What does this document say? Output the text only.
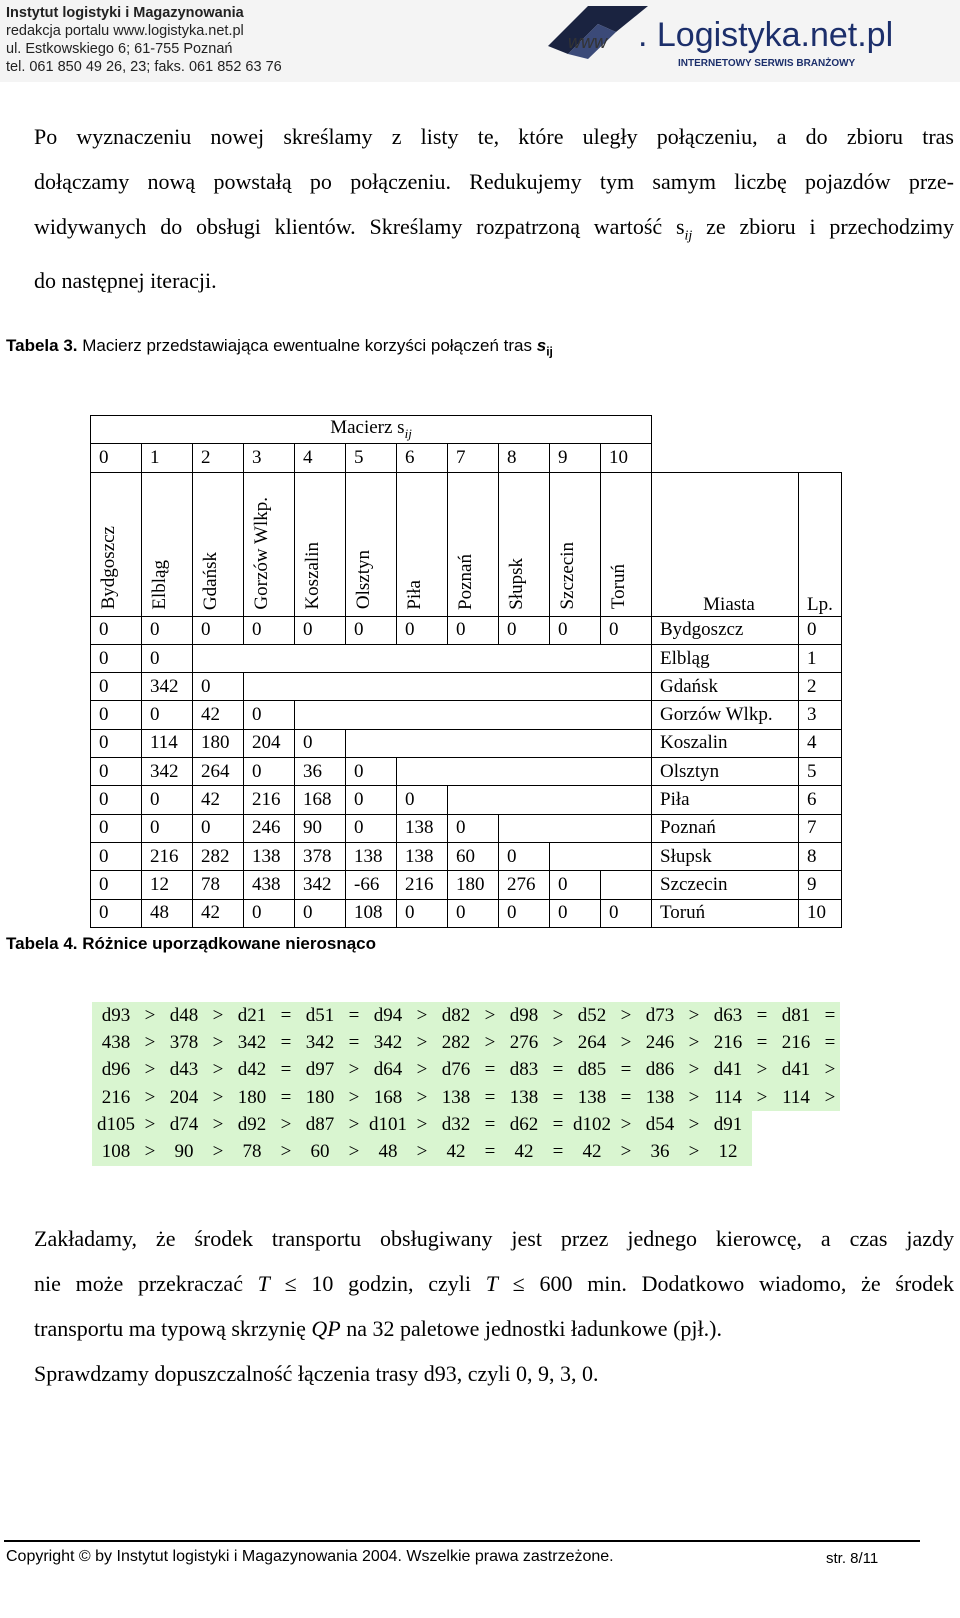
Instytut logistyki i Magazynowania
redakcja portalu www.logistyka.net.pl
ul. Estkowskiego 6; 61-755 Poznań
tel. 061 850 49 26, 23; faks. 061 852 63 76
www . Logistyka.net.pl
INTERNETOWY SERWIS BRANŻOWY
Po wyznaczeniu nowej skreślamy z listy te, które uległy połączeniu, a do zbioru tras
dołączamy nową powstałą po połączeniu. Redukujemy tym samym liczbę pojazdów prze-
widywanych do obsługi klientów. Skreślamy rozpatrzoną wartość $s_{ij}$ ze zbioru i przechodzimy
do następnej iteracji.
Tabela 3. Macierz przedstawiająca ewentualne korzyści połączeń tras $s_{ij}$
Macierz $s_{ij}$	
0	1	2	3	4	5	6	7	8	9	10		
Bydgoszcz	Elbląg	Gdańsk	Gorzów Wlkp.	Koszalin	Olsztyn	Piła	Poznań	Słupsk	Szczecin	Toruń	Miasta	Lp.
0	0	0	0	0	0	0	0	0	0	0	Bydgoszcz	0
0	0										Elbląg	1
0	342	0									Gdańsk	2
0	0	42	0								Gorzów Wlkp.	3
0	114	180	204	0							Koszalin	4
0	342	264	0	36	0						Olsztyn	5
0	0	42	216	168	0	0					Piła	6
0	0	0	246	90	0	138	0				Poznań	7
0	216	282	138	378	138	138	60	0			Słupsk	8
0	12	78	438	342	-66	216	180	276	0		Szczecin	9
0	48	42	0	0	108	0	0	0	0	0	Toruń	10
Tabela 4. Różnice uporządkowane nierosnąco
d93	>	d48	>	d21	=	d51	=	d94	>	d82	>	d98	>	d52	>	d73	>	d63	=	d81	=
438	>	378	>	342	=	342	=	342	>	282	>	276	>	264	>	246	>	216	=	216	=
d96	>	d43	>	d42	=	d97	>	d64	>	d76	=	d83	=	d85	=	d86	>	d41	>	d41	>
216	>	204	>	180	=	180	>	168	>	138	=	138	=	138	=	138	>	114	>	114	>
d105	>	d74	>	d92	>	d87	>	d101	>	d32	=	d62	=	d102	>	d54	>	d91			
108	>	90	>	78	>	60	>	48	>	42	=	42	=	42	>	36	>	12			
Zakładamy, że środek transportu obsługiwany jest przez jednego kierowcę, a czas jazdy
nie może przekraczać T ≤ 10 godzin, czyli T ≤ 600 min. Dodatkowo wiadomo, że środek
transportu ma typową skrzynię QP na 32 paletowe jednostki ładunkowe (pjł.).
Sprawdzamy dopuszczalność łączenia trasy d93, czyli 0, 9, 3, 0.
Copyright © by Instytut logistyki i Magazynowania 2004. Wszelkie prawa zastrzeżone.	str. 8/11
